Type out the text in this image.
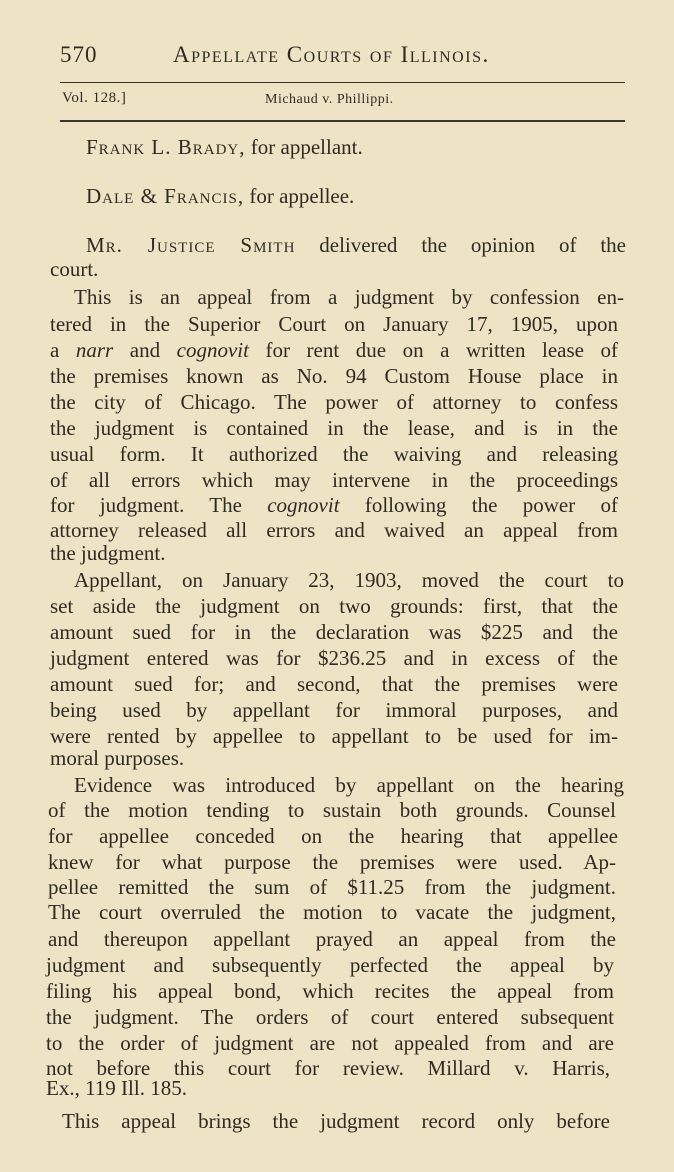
570	Appellate Courts of Illinois.
Vol. 128.]	Michaud v. Phillippi.
Frank L. Brady, for appellant.
Dale & Francis, for appellee.
Mr. Justice Smith delivered the opinion of the
court.
This is an appeal from a judgment by confession en-
tered in the Superior Court on January 17, 1905, upon
a narr and cognovit for rent due on a written lease of
the premises known as No. 94 Custom House place in
the city of Chicago. The power of attorney to confess
the judgment is contained in the lease, and is in the
usual form. It authorized the waiving and releasing
of all errors which may intervene in the proceedings
for judgment. The cognovit following the power of
attorney released all errors and waived an appeal from
the judgment.
Appellant, on January 23, 1903, moved the court to
set aside the judgment on two grounds: first, that the
amount sued for in the declaration was $225 and the
judgment entered was for $236.25 and in excess of the
amount sued for; and second, that the premises were
being used by appellant for immoral purposes, and
were rented by appellee to appellant to be used for im-
moral purposes.
Evidence was introduced by appellant on the hearing
of the motion tending to sustain both grounds. Counsel
for appellee conceded on the hearing that appellee
knew for what purpose the premises were used. Ap-
pellee remitted the sum of $11.25 from the judgment.
The court overruled the motion to vacate the judgment,
and thereupon appellant prayed an appeal from the
judgment and subsequently perfected the appeal by
filing his appeal bond, which recites the appeal from
the judgment. The orders of court entered subsequent
to the order of judgment are not appealed from and are
not before this court for review. Millard v. Harris,
Ex., 119 Ill. 185.
This appeal brings the judgment record only before
